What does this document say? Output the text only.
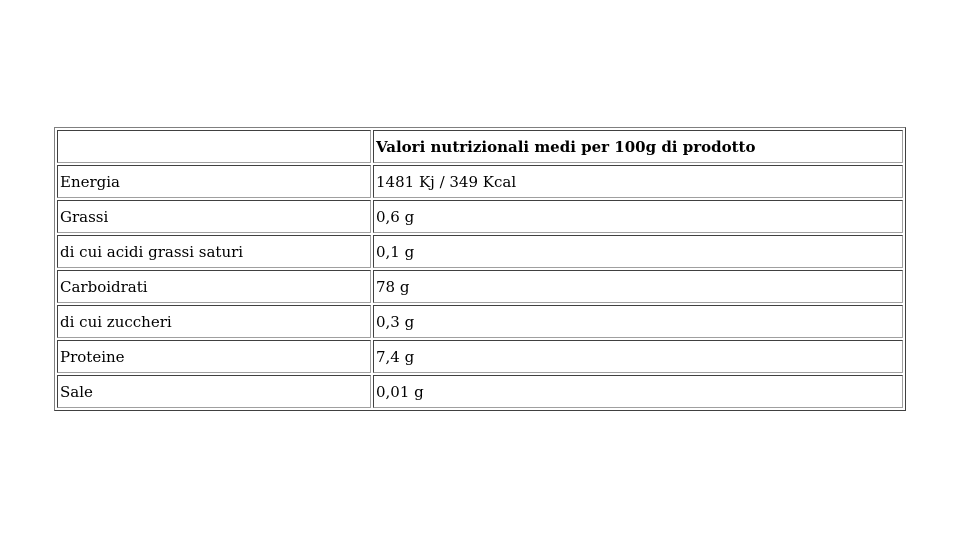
	Valori nutrizionali medi per 100g di prodotto
Energia	1481 Kj / 349 Kcal
Grassi	0,6 g
di cui acidi grassi saturi	0,1 g
Carboidrati	78 g
di cui zuccheri	0,3 g
Proteine	7,4 g
Sale	0,01 g
